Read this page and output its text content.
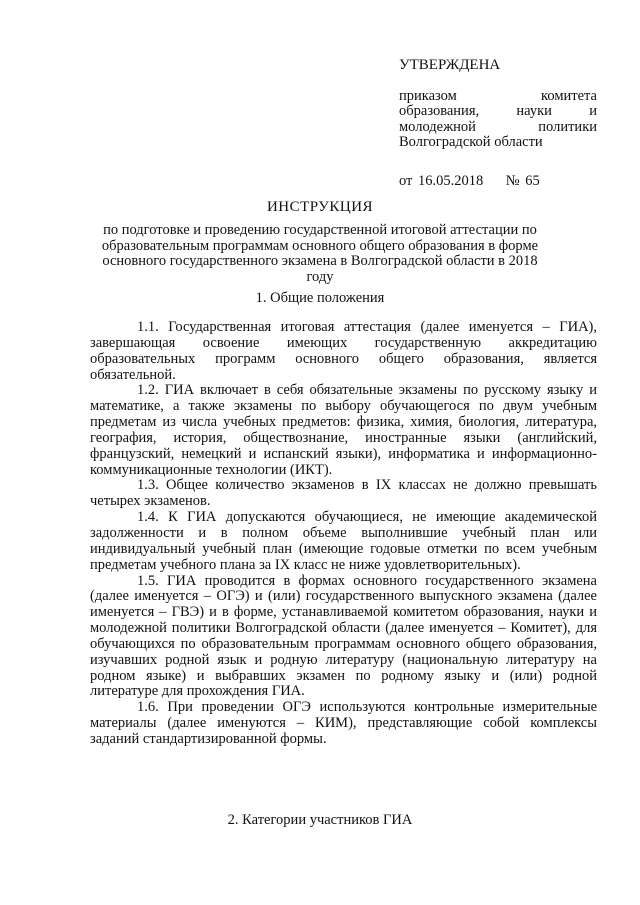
УТВЕРЖДЕНА
приказом комитета образования, науки и молодежной политики Волгоградской области
от 16.05.2018    № 65
ИНСТРУКЦИЯ
по подготовке и проведению государственной итоговой аттестации по образовательным программам основного общего образования в форме основного государственного экзамена в Волгоградской области в 2018 году
1. Общие положения

1.1. Государственная итоговая аттестация (далее именуется – ГИА), завершающая освоение имеющих государственную аккредитацию образовательных программ основного общего образования, является обязательной.

1.2. ГИА включает в себя обязательные экзамены по русскому языку и математике, а также экзамены по выбору обучающегося по двум учебным предметам из числа учебных предметов: физика, химия, биология, литература, география, история, обществознание, иностранные языки (английский, французский, немецкий и испанский языки), информатика и информационно-коммуникационные технологии (ИКТ).

1.3. Общее количество экзаменов в IX классах не должно превышать четырех экзаменов.

1.4. К ГИА допускаются обучающиеся, не имеющие академической задолженности и в полном объеме выполнившие учебный план или индивидуальный учебный план (имеющие годовые отметки по всем учебным предметам учебного плана за IX класс не ниже удовлетворительных).

1.5. ГИА проводится в формах основного государственного экзамена (далее именуется – ОГЭ) и (или) государственного выпускного экзамена (далее именуется – ГВЭ) и в форме, устанавливаемой комитетом образования, науки и молодежной политики Волгоградской области (далее именуется – Комитет), для обучающихся по образовательным программам основного общего образования, изучавших родной язык и родную литературу (национальную литературу на родном языке) и выбравших экзамен по родному языку и (или) родной литературе для прохождения ГИА.

1.6. При проведении ОГЭ используются контрольные измерительные материалы (далее именуются – КИМ), представляющие собой комплексы заданий стандартизированной формы.

2. Категории участников ГИА
